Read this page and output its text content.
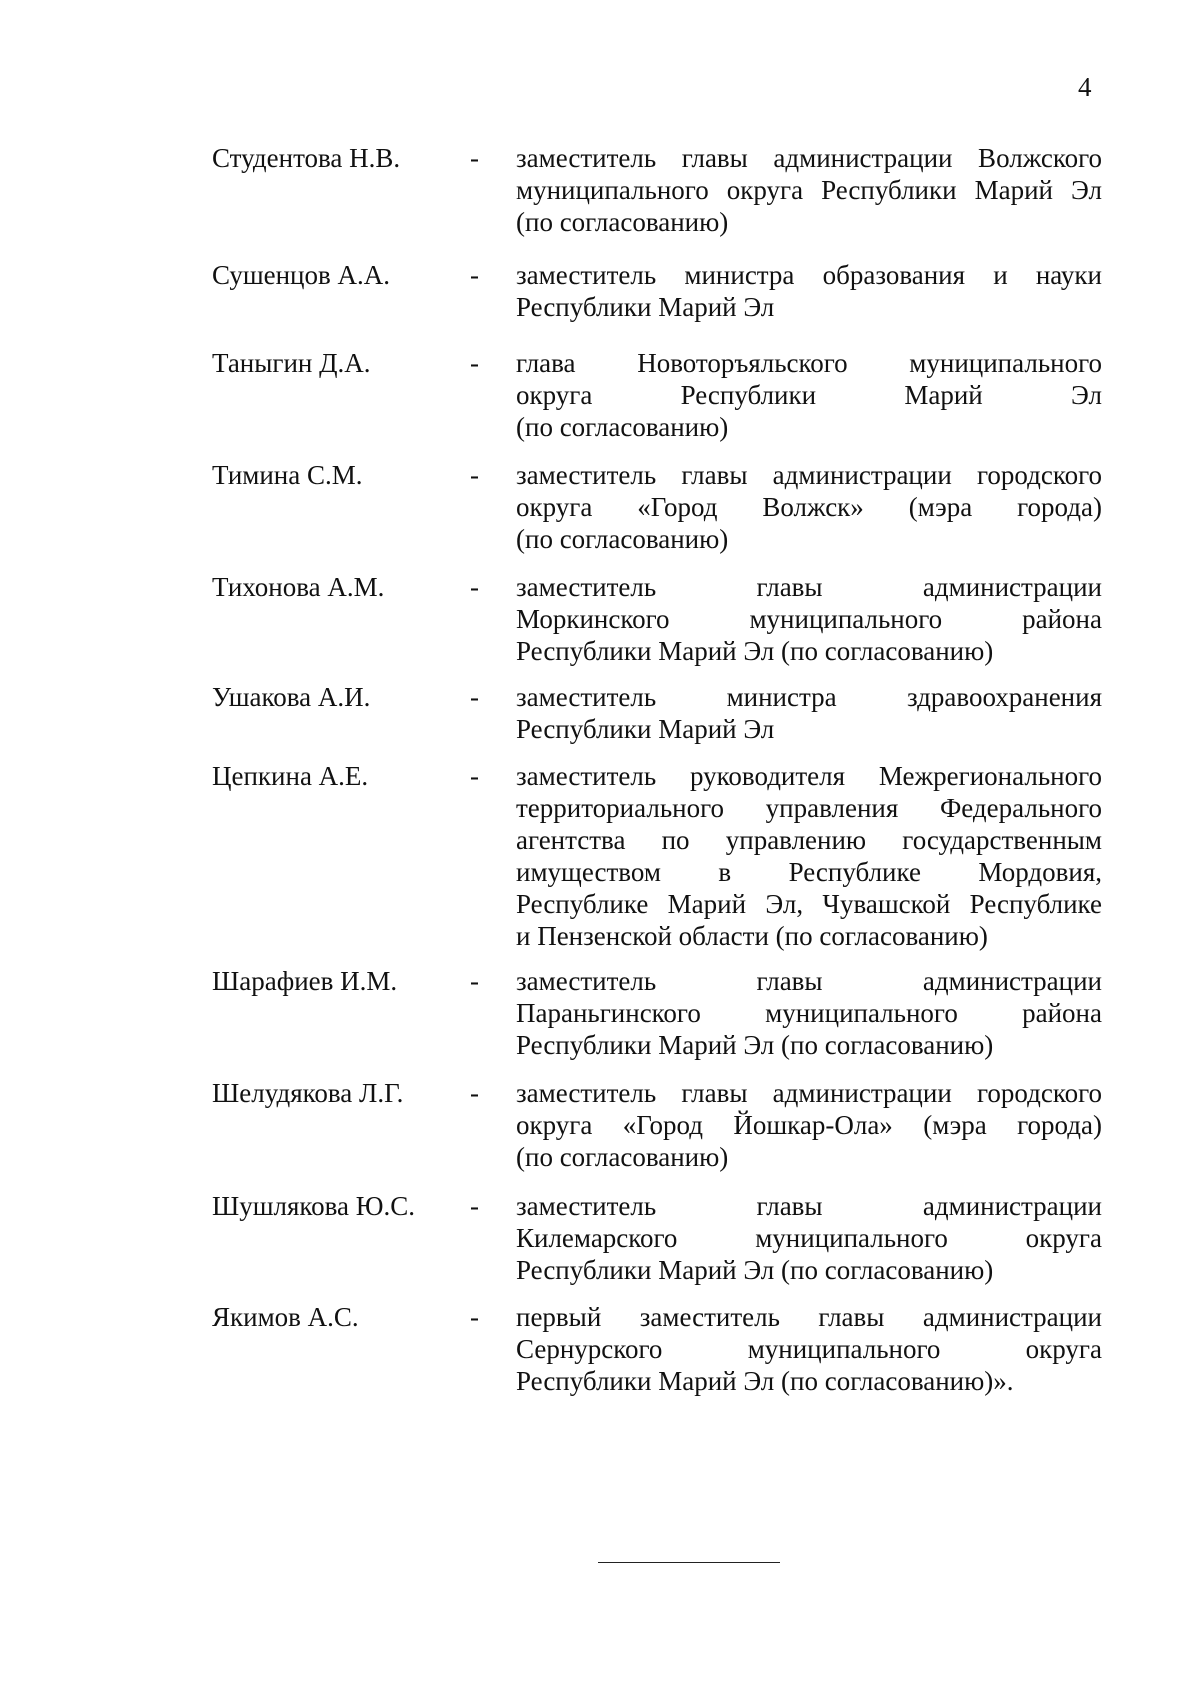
4
Студентова Н.В.	- заместитель главы администрации Волжского
муниципального округа Республики Марий Эл
(по согласованию)
Сушенцов А.А.	- заместитель министра образования и науки
Республики Марий Эл
Таныгин Д.А.	- глава Новоторъяльского муниципального
округа Республики Марий Эл
(по согласованию)
Тимина С.М.	- заместитель главы администрации городского
округа «Город Волжск» (мэра города)
(по согласованию)
Тихонова А.М.	- заместитель главы администрации
Моркинского муниципального района
Республики Марий Эл (по согласованию)
Ушакова А.И.	- заместитель министра здравоохранения
Республики Марий Эл
Цепкина А.Е.	- заместитель руководителя Межрегионального
территориального управления Федерального
агентства по управлению государственным
имуществом в Республике Мордовия,
Республике Марий Эл, Чувашской Республике
и Пензенской области (по согласованию)
Шарафиев И.М.	- заместитель главы администрации
Параньгинского муниципального района
Республики Марий Эл (по согласованию)
Шелудякова Л.Г. - заместитель главы администрации городского
округа «Город Йошкар-Ола» (мэра города)
(по согласованию)
Шушлякова Ю.С. - заместитель главы администрации
Килемарского муниципального округа
Республики Марий Эл (по согласованию)
Якимов А.С.	- первый заместитель главы администрации
Сернурского муниципального округа
Республики Марий Эл (по согласованию)».
